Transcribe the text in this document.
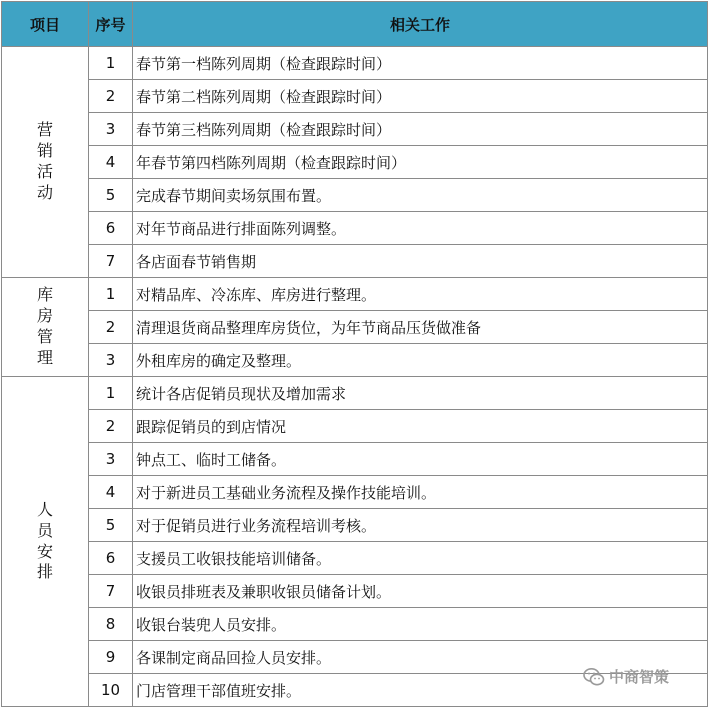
项目	序号	相关工作
营销活动	1	春节第一档陈列周期（检查跟踪时间）
	2	春节第二档陈列周期（检查跟踪时间）
	3	春节第三档陈列周期（检查跟踪时间）
	4	年春节第四档陈列周期（检查跟踪时间）
	5	完成春节期间卖场氛围布置。
	6	对年节商品进行排面陈列调整。
	7	各店面春节销售期
库房管理	1	对精品库、冷冻库、库房进行整理。
	2	清理退货商品整理库房货位，为年节商品压货做准备
	3	外租库房的确定及整理。
人员安排	1	统计各店促销员现状及增加需求
	2	跟踪促销员的到店情况
	3	钟点工、临时工储备。
	4	对于新进员工基础业务流程及操作技能培训。
	5	对于促销员进行业务流程培训考核。
	6	支援员工收银技能培训储备。
	7	收银员排班表及兼职收银员储备计划。
	8	收银台装兜人员安排。
	9	各课制定商品回捡人员安排。
	10	门店管理干部值班安排。
中商智策
